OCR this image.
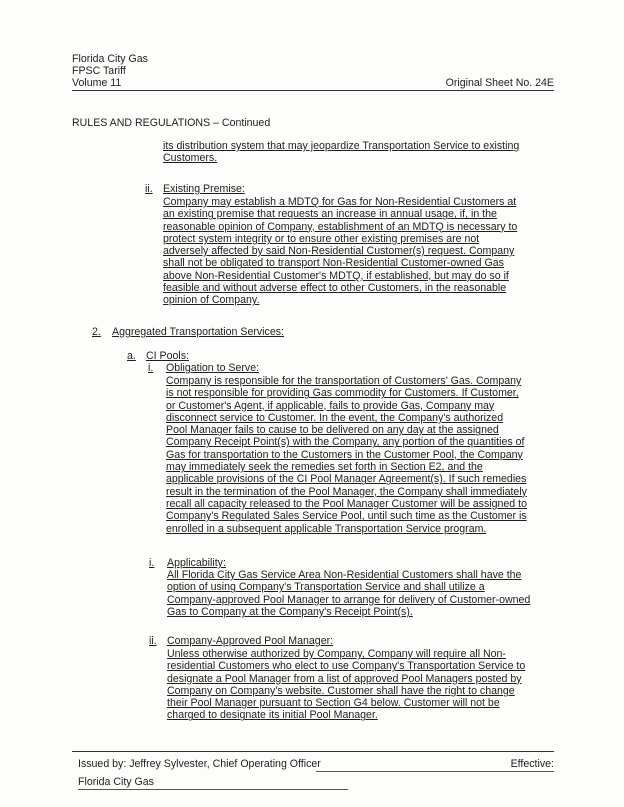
Florida City Gas
FPSC Tariff
Volume 11	Original Sheet No. 24E
RULES AND REGULATIONS – Continued
its distribution system that may jeopardize Transportation Service to existing
Customers.
ii. Existing Premise:
Company may establish a MDTQ for Gas for Non-Residential Customers at
an existing premise that requests an increase in annual usage, if, in the
reasonable opinion of Company, establishment of an MDTQ is necessary to
protect system integrity or to ensure other existing premises are not
adversely affected by said Non-Residential Customer(s) request. Company
shall not be obligated to transport Non-Residential Customer-owned Gas
above Non-Residential Customer's MDTQ, if established, but may do so if
feasible and without adverse effect to other Customers, in the reasonable
opinion of Company.
2. Aggregated Transportation Services:
a. CI Pools:
i. Obligation to Serve:
Company is responsible for the transportation of Customers' Gas. Company
is not responsible for providing Gas commodity for Customers. If Customer,
or Customer's Agent, if applicable, fails to provide Gas, Company may
disconnect service to Customer. In the event, the Company's authorized
Pool Manager fails to cause to be delivered on any day at the assigned
Company Receipt Point(s) with the Company, any portion of the quantities of
Gas for transportation to the Customers in the Customer Pool, the Company
may immediately seek the remedies set forth in Section E2, and the
applicable provisions of the CI Pool Manager Agreement(s). If such remedies
result in the termination of the Pool Manager, the Company shall immediately
recall all capacity released to the Pool Manager Customer will be assigned to
Company's Regulated Sales Service Pool, until such time as the Customer is
enrolled in a subsequent applicable Transportation Service program.
i. Applicability:
All Florida City Gas Service Area Non-Residential Customers shall have the
option of using Company's Transportation Service and shall utilize a
Company-approved Pool Manager to arrange for delivery of Customer-owned
Gas to Company at the Company's Receipt Point(s).
ii. Company-Approved Pool Manager:
Unless otherwise authorized by Company, Company will require all Non-
residential Customers who elect to use Company's Transportation Service to
designate a Pool Manager from a list of approved Pool Managers posted by
Company on Company's website. Customer shall have the right to change
their Pool Manager pursuant to Section G4 below. Customer will not be
charged to designate its initial Pool Manager.
Issued by: Jeffrey Sylvester, Chief Operating Officer	Effective:
Florida City Gas
